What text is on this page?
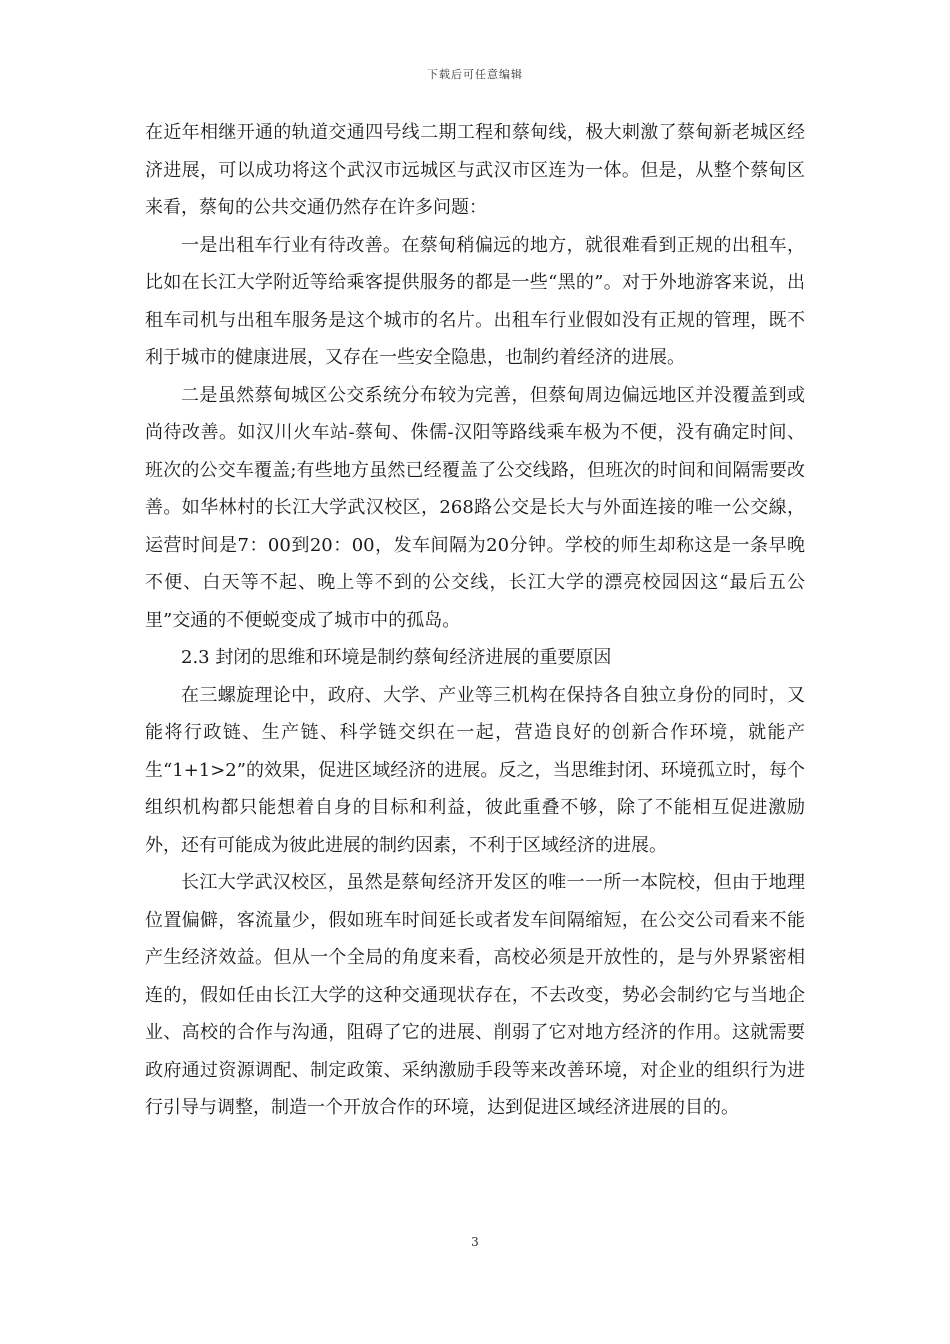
下载后可任意编辑

在近年相继开通的轨道交通四号线二期工程和蔡甸线，极大刺激了蔡甸新老城区经济进展，可以成功将这个武汉市远城区与武汉市区连为一体。但是，从整个蔡甸区来看，蔡甸的公共交通仍然存在许多问题：

一是出租车行业有待改善。在蔡甸稍偏远的地方，就很难看到正规的出租车，比如在长江大学附近等给乘客提供服务的都是一些“黑的”。对于外地游客来说，出租车司机与出租车服务是这个城市的名片。出租车行业假如没有正规的管理，既不利于城市的健康进展，又存在一些安全隐患，也制约着经济的进展。

二是虽然蔡甸城区公交系统分布较为完善，但蔡甸周边偏远地区并没覆盖到或尚待改善。如汉川火车站-蔡甸、侏儒-汉阳等路线乘车极为不便，没有确定时间、班次的公交车覆盖;有些地方虽然已经覆盖了公交线路，但班次的时间和间隔需要改善。如华林村的长江大学武汉校区，268路公交是长大与外面连接的唯一公交線，运营时间是7：00到20：00，发车间隔为20分钟。学校的师生却称这是一条早晚不便、白天等不起、晚上等不到的公交线，长江大学的漂亮校园因这“最后五公里”交通的不便蜕变成了城市中的孤岛。

2.3 封闭的思维和环境是制约蔡甸经济进展的重要原因

在三螺旋理论中，政府、大学、产业等三机构在保持各自独立身份的同时，又能将行政链、生产链、科学链交织在一起，营造良好的创新合作环境，就能产生“1+1>2”的效果，促进区域经济的进展。反之，当思维封闭、环境孤立时，每个组织机构都只能想着自身的目标和利益，彼此重叠不够，除了不能相互促进激励外，还有可能成为彼此进展的制约因素，不利于区域经济的进展。

长江大学武汉校区，虽然是蔡甸经济开发区的唯一一所一本院校，但由于地理位置偏僻，客流量少，假如班车时间延长或者发车间隔缩短，在公交公司看来不能产生经济效益。但从一个全局的角度来看，高校必须是开放性的，是与外界紧密相连的，假如任由长江大学的这种交通现状存在，不去改变，势必会制约它与当地企业、高校的合作与沟通，阻碍了它的进展、削弱了它对地方经济的作用。这就需要政府通过资源调配、制定政策、采纳激励手段等来改善环境，对企业的组织行为进行引导与调整，制造一个开放合作的环境，达到促进区域经济进展的目的。

3
